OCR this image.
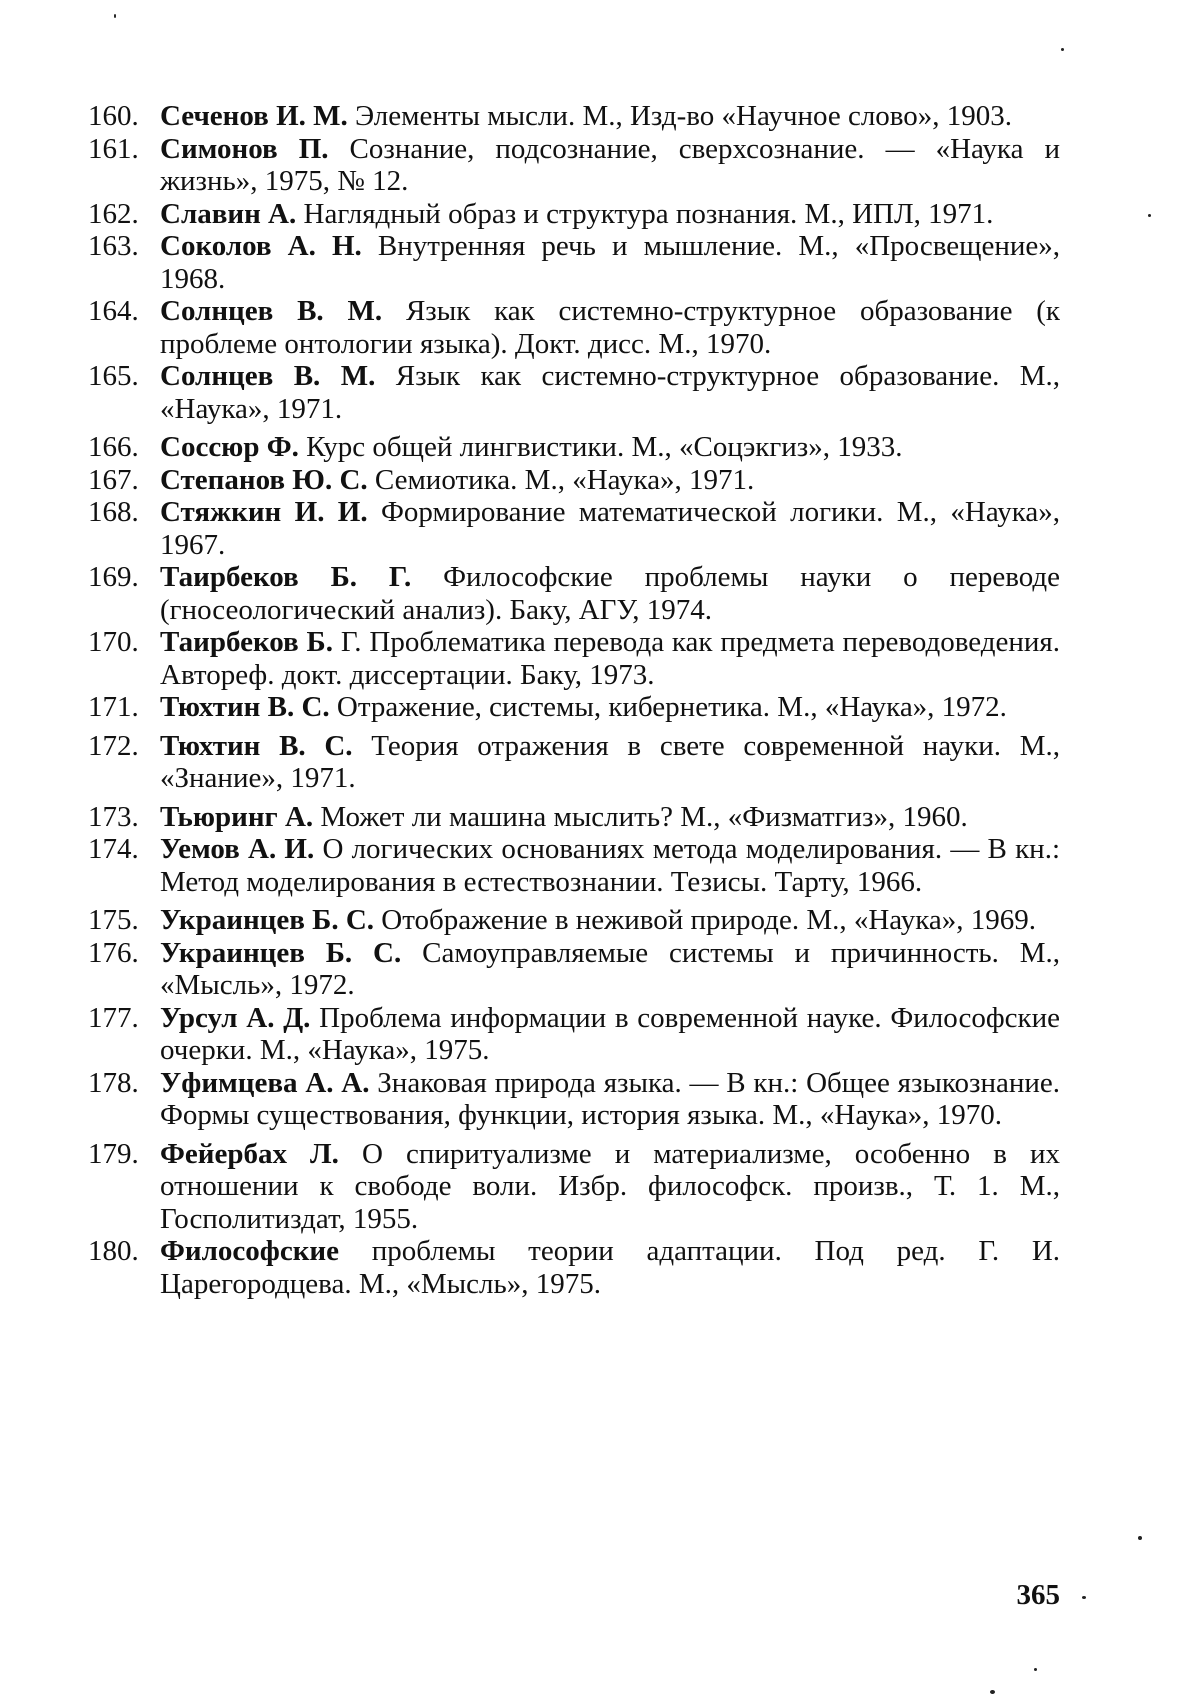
160. Сеченов И. М. Элементы мысли. М., Изд-во «Научное слово», 1903.
161. Симонов П. Сознание, подсознание, сверхсознание. — «Наука и жизнь», 1975, № 12.
162. Славин А. Наглядный образ и структура познания. М., ИПЛ, 1971.
163. Соколов А. Н. Внутренняя речь и мышление. М., «Просвещение», 1968.
164. Солнцев В. М. Язык как системно-структурное образование (к проблеме онтологии языка). Докт. дисс. М., 1970.
165. Солнцев В. М. Язык как системно-структурное образование. М., «Наука», 1971.
166. Соссюр Ф. Курс общей лингвистики. М., «Соцэкгиз», 1933.
167. Степанов Ю. С. Семиотика. М., «Наука», 1971.
168. Стяжкин И. И. Формирование математической логики. М., «Наука», 1967.
169. Таирбеков Б. Г. Философские проблемы науки о переводе (гносеологический анализ). Баку, АГУ, 1974.
170. Таирбеков Б. Г. Проблематика перевода как предмета переводоведения. Автореф. докт. диссертации. Баку, 1973.
171. Тюхтин В. С. Отражение, системы, кибернетика. М., «Наука», 1972.
172. Тюхтин В. С. Теория отражения в свете современной науки. М., «Знание», 1971.
173. Тьюринг А. Может ли машина мыслить? М., «Физматгиз», 1960.
174. Уемов А. И. О логических основаниях метода моделирования. — В кн.: Метод моделирования в естествознании. Тезисы. Тарту, 1966.
175. Украинцев Б. С. Отображение в неживой природе. М., «Наука», 1969.
176. Украинцев Б. С. Самоуправляемые системы и причинность. М., «Мысль», 1972.
177. Урсул А. Д. Проблема информации в современной науке. Философские очерки. М., «Наука», 1975.
178. Уфимцева А. А. Знаковая природа языка. — В кн.: Общее языкознание. Формы существования, функции, история языка. М., «Наука», 1970.
179. Фейербах Л. О спиритуализме и материализме, особенно в их отношении к свободе воли. Избр. философск. произв., Т. 1. М., Госполитиздат, 1955.
180. Философские проблемы теории адаптации. Под ред. Г. И. Царегородцева. М., «Мысль», 1975.
365
